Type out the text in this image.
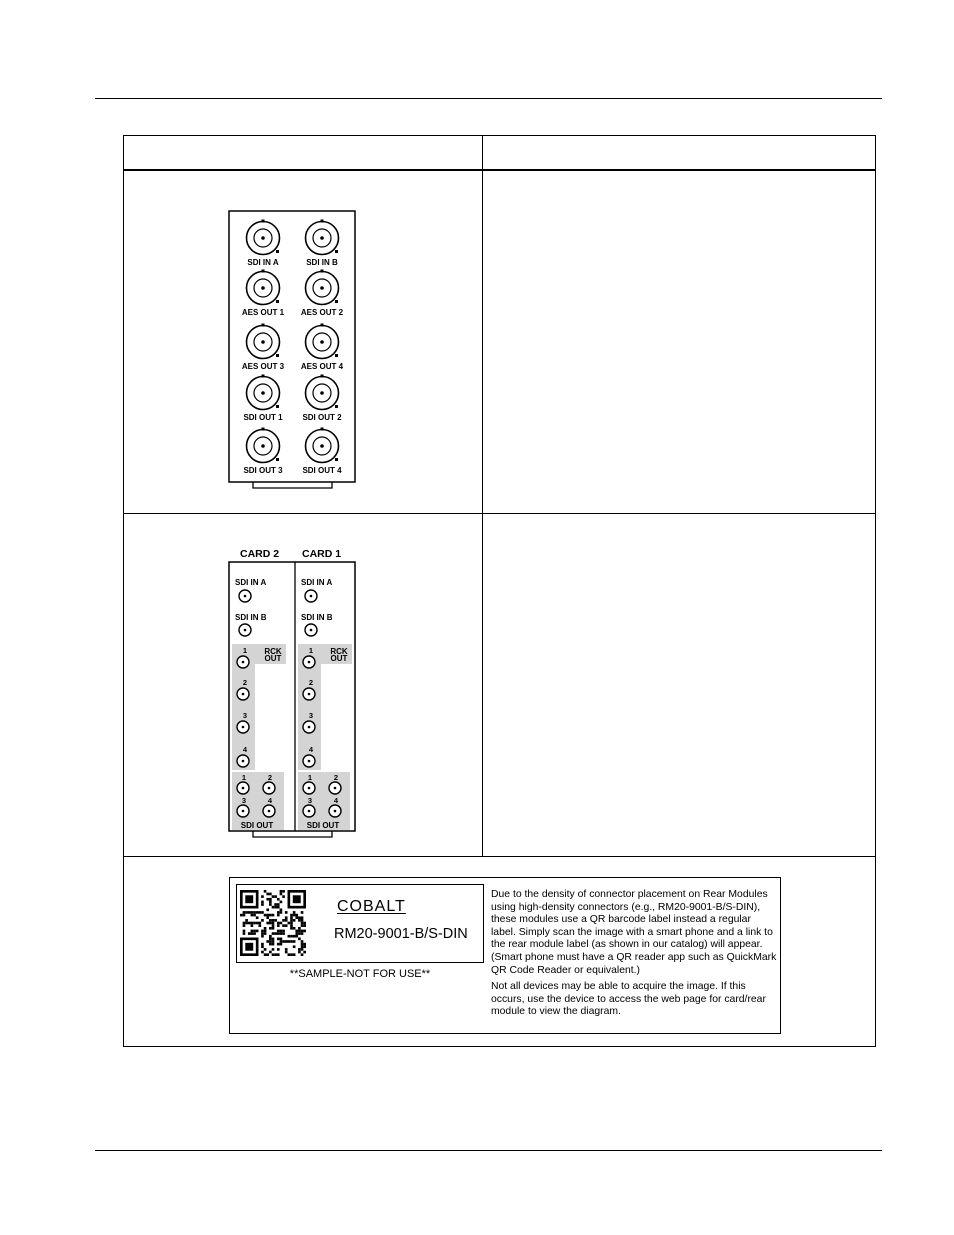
SDI IN A	SDI IN B
AES OUT 1 AES OUT 2
AES OUT 3 AES OUT 4
SDI OUT 1 SDI OUT 2
SDI OUT 3 SDI OUT 4
CARD 2 CARD 1
SDI IN A
SDI IN B
RCK
OUT
1
2
3
4
1	2
3	4
SDI OUT
SDI IN A
SDI IN B
RCK
OUT
1
2
3
4
1	2
3	4
SDI OUT
COBALT
RM20-9001-B/S-DIN
**SAMPLE-NOT FOR USE**

Due to the density of connector placement on Rear Modules using high-density connectors (e.g., RM20-9001-B/S-DIN), these modules use a QR barcode label instead a regular label. Simply scan the image with a smart phone and a link to the rear module label (as shown in our catalog) will appear. (Smart phone must have a QR reader app such as QuickMark QR Code Reader or equivalent.)

Not all devices may be able to acquire the image. If this occurs, use the device to access the web page for card/rear module to view the diagram.
